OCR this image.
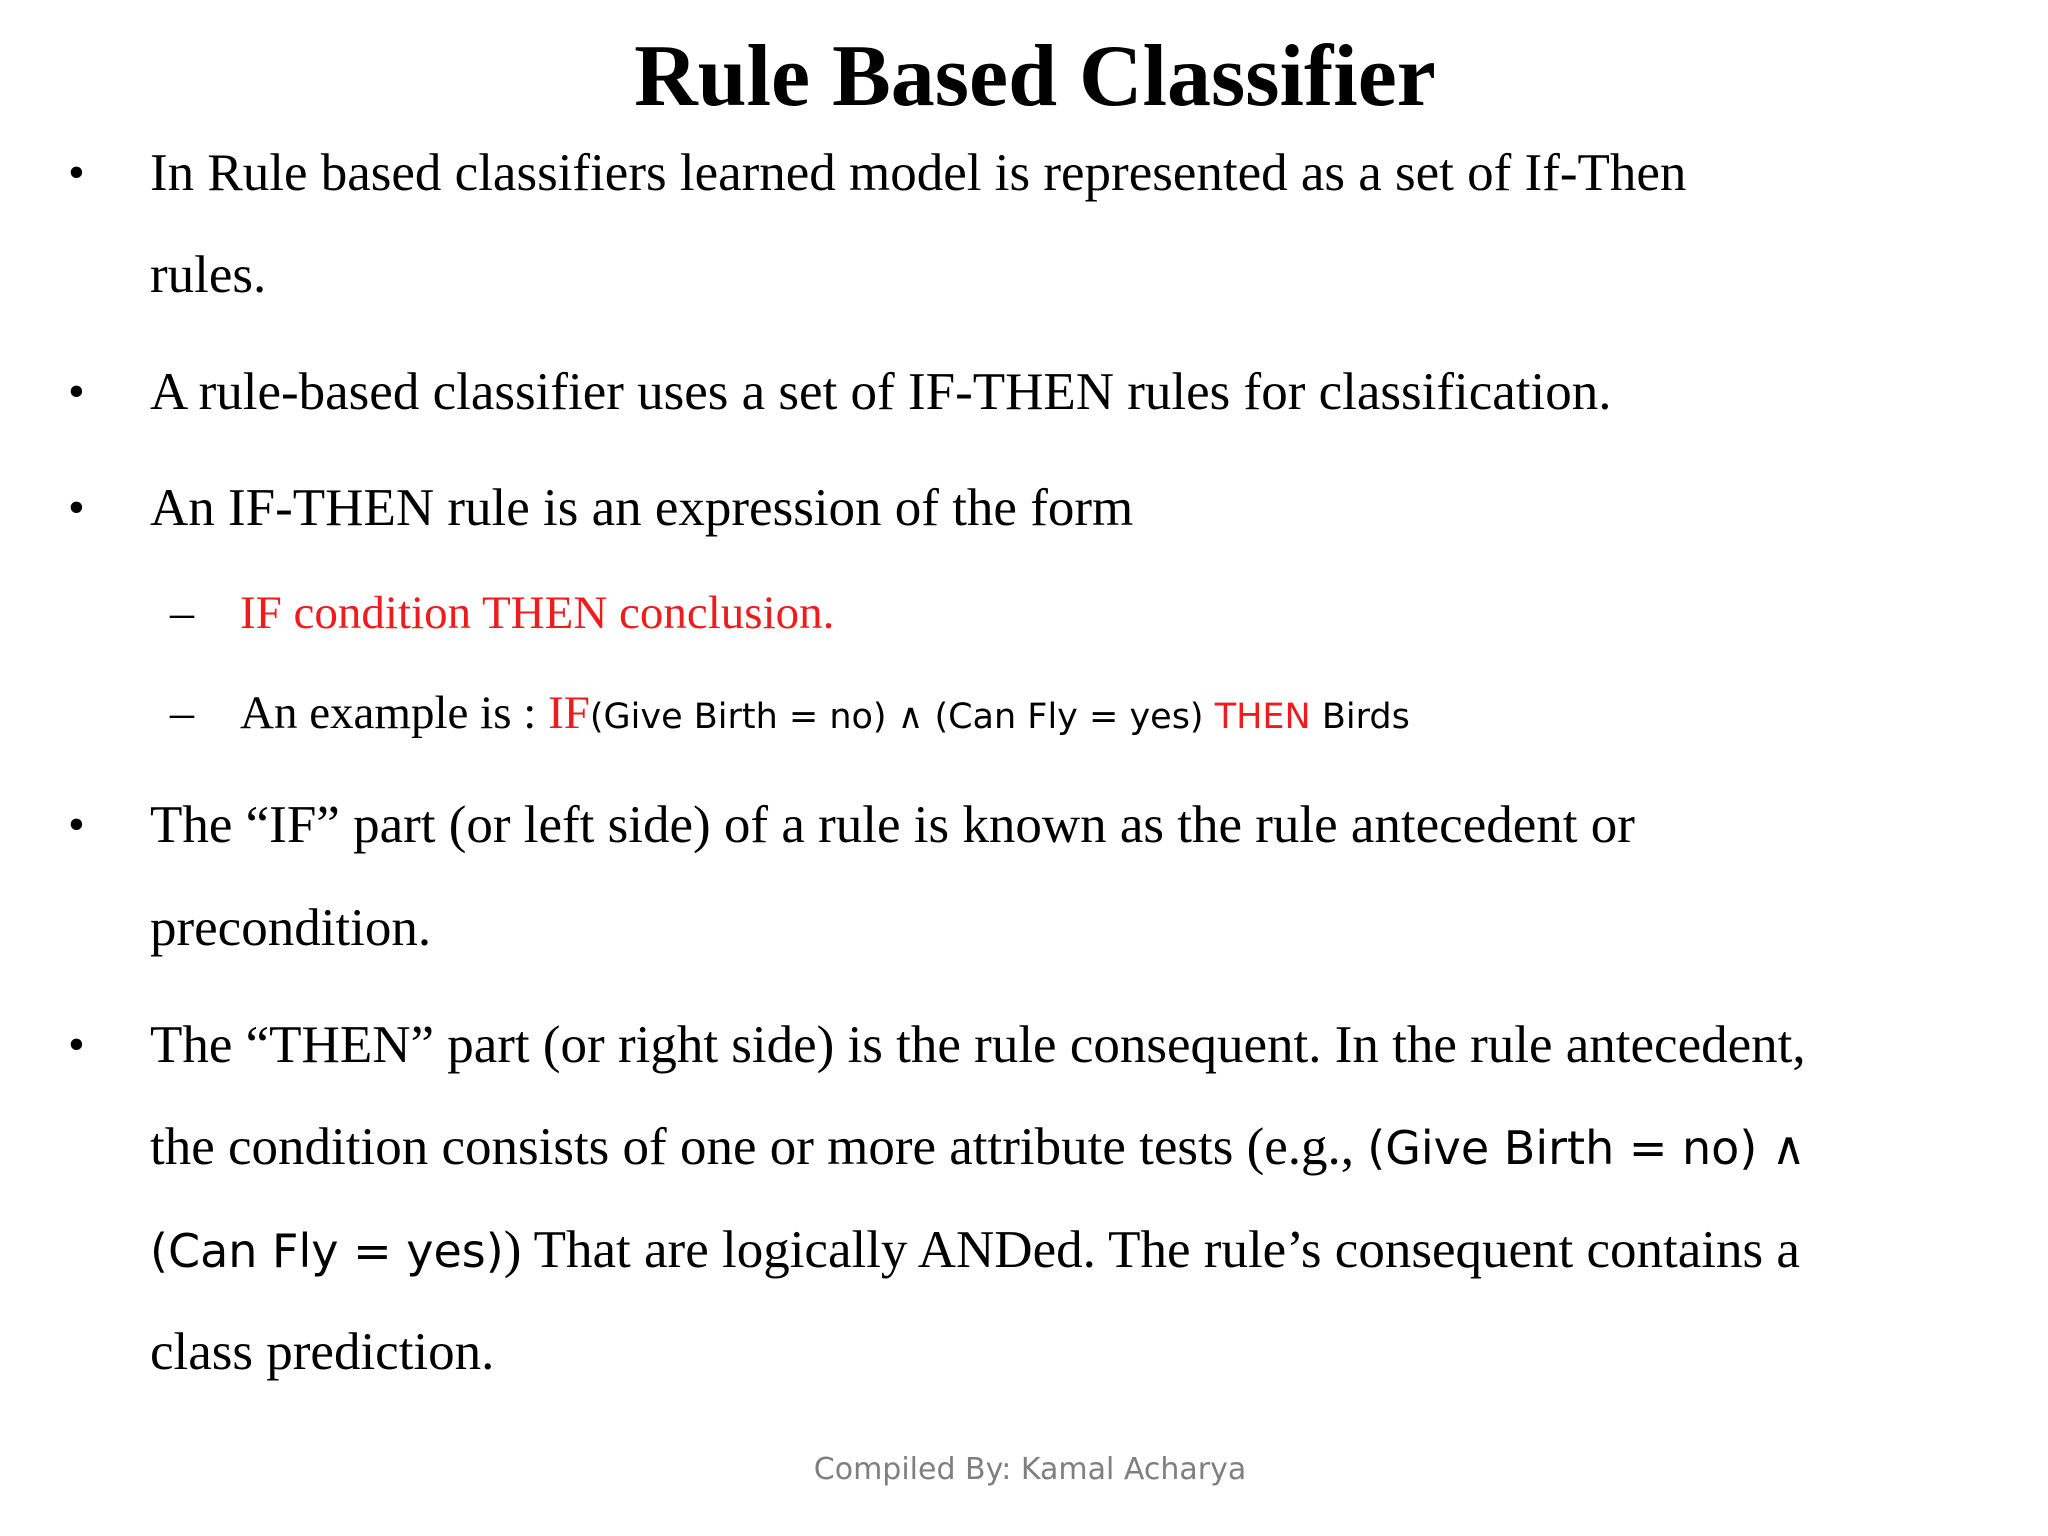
Rule Based Classifier
• In Rule based classifiers learned model is represented as a set of If-Then
rules.
• A rule-based classifier uses a set of IF-THEN rules for classification.
• An IF-THEN rule is an expression of the form
– IF condition THEN conclusion.
– An example is : IF(Give Birth = no) ∧ (Can Fly = yes) THEN Birds
• The “IF” part (or left side) of a rule is known as the rule antecedent or
precondition.
• The “THEN” part (or right side) is the rule consequent. In the rule antecedent,
the condition consists of one or more attribute tests (e.g., (Give Birth = no) ∧
(Can Fly = yes)) That are logically ANDed. The rule’s consequent contains a
class prediction.
Compiled By: Kamal Acharya
